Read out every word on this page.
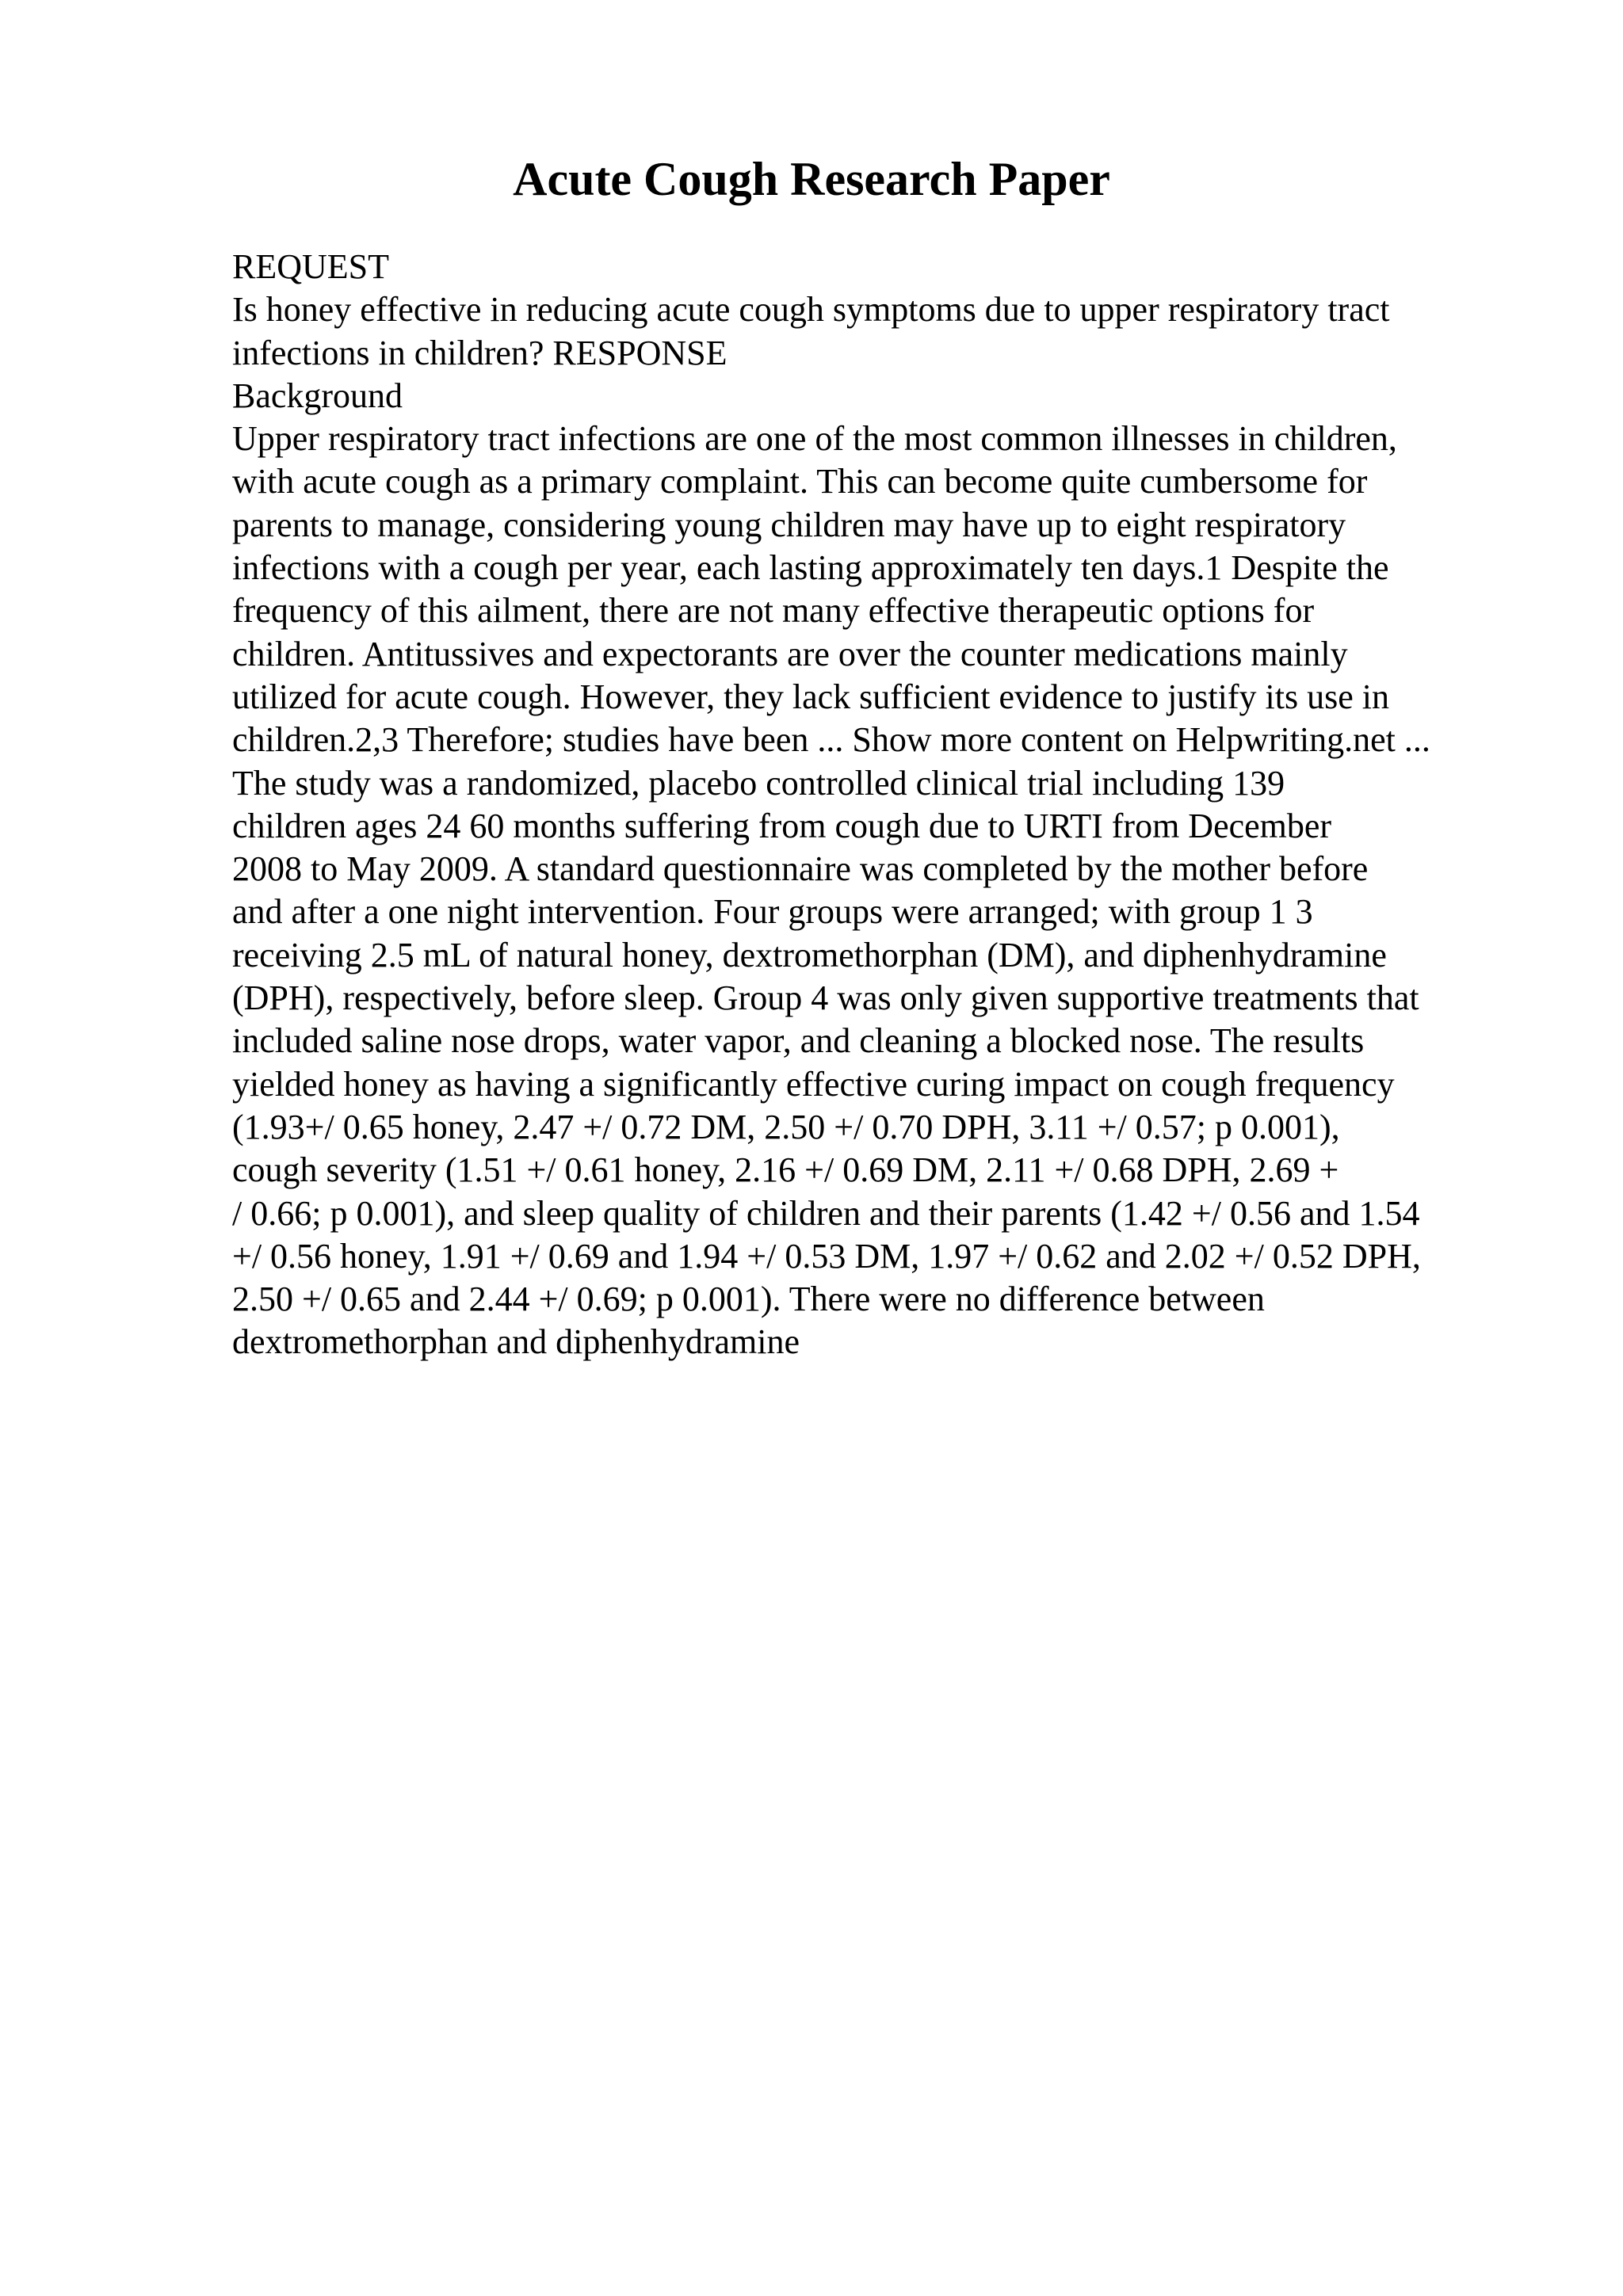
Acute Cough Research Paper
REQUEST
Is honey effective in reducing acute cough symptoms due to upper respiratory tract
infections in children? RESPONSE
Background
Upper respiratory tract infections are one of the most common illnesses in children,
with acute cough as a primary complaint. This can become quite cumbersome for
parents to manage, considering young children may have up to eight respiratory
infections with a cough per year, each lasting approximately ten days.1 Despite the
frequency of this ailment, there are not many effective therapeutic options for
children. Antitussives and expectorants are over the counter medications mainly
utilized for acute cough. However, they lack sufficient evidence to justify its use in
children.2,3 Therefore; studies have been ... Show more content on Helpwriting.net ...
The study was a randomized, placebo controlled clinical trial including 139
children ages 24 60 months suffering from cough due to URTI from December
2008 to May 2009. A standard questionnaire was completed by the mother before
and after a one night intervention. Four groups were arranged; with group 1 3
receiving 2.5 mL of natural honey, dextromethorphan (DM), and diphenhydramine
(DPH), respectively, before sleep. Group 4 was only given supportive treatments that
included saline nose drops, water vapor, and cleaning a blocked nose. The results
yielded honey as having a significantly effective curing impact on cough frequency
(1.93+/ 0.65 honey, 2.47 +/ 0.72 DM, 2.50 +/ 0.70 DPH, 3.11 +/ 0.57; p 0.001),
cough severity (1.51 +/ 0.61 honey, 2.16 +/ 0.69 DM, 2.11 +/ 0.68 DPH, 2.69 +
/ 0.66; p 0.001), and sleep quality of children and their parents (1.42 +/ 0.56 and 1.54
+/ 0.56 honey, 1.91 +/ 0.69 and 1.94 +/ 0.53 DM, 1.97 +/ 0.62 and 2.02 +/ 0.52 DPH,
2.50 +/ 0.65 and 2.44 +/ 0.69; p 0.001). There were no difference between
dextromethorphan and diphenhydramine
